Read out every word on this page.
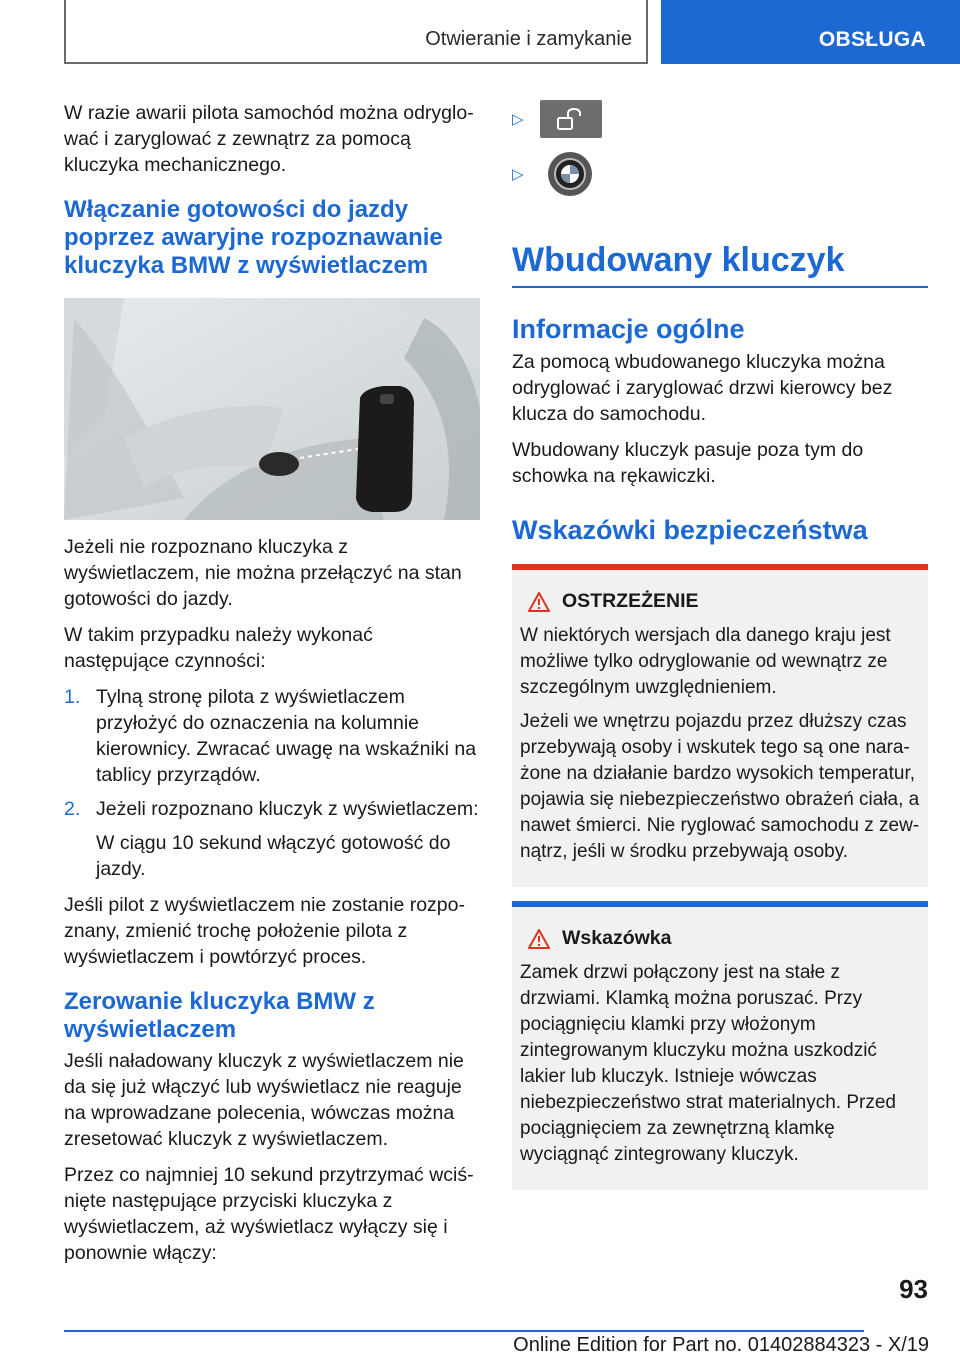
Otwieranie i zamykanie	OBSŁUGA

W razie awarii pilota samochód można odryglować i zaryglować z zewnątrz za pomocą kluczyka mechanicznego.

Włączanie gotowości do jazdy poprzez awaryjne rozpoznawanie kluczyka BMW z wyświetlaczem

Jeżeli nie rozpoznano kluczyka z wyświetlaczem, nie można przełączyć na stan gotowości do jazdy.

W takim przypadku należy wykonać następujące czynności:

1. Tylną stronę pilota z wyświetlaczem przyłożyć do oznaczenia na kolumnie kierownicy. Zwracać uwagę na wskaźniki na tablicy przyrządów.

2. Jeżeli rozpoznano kluczyk z wyświetlaczem:

W ciągu 10 sekund włączyć gotowość do jazdy.

Jeśli pilot z wyświetlaczem nie zostanie rozpoznany, zmienić trochę położenie pilota z wyświetlaczem i powtórzyć proces.

Zerowanie kluczyka BMW z wyświetlaczem

Jeśli naładowany kluczyk z wyświetlaczem nie da się już włączyć lub wyświetlacz nie reaguje na wprowadzane polecenia, wówczas można zresetować kluczyk z wyświetlaczem.

Przez co najmniej 10 sekund przytrzymać wciśnięte następujące przyciski kluczyka z wyświetlaczem, aż wyświetlacz wyłączy się i ponownie włączy:

▷
▷
Wbudowany kluczyk
Informacje ogólne

Za pomocą wbudowanego kluczyka można odryglować i zaryglować drzwi kierowcy bez klucza do samochodu.

Wbudowany kluczyk pasuje poza tym do schowka na rękawiczki.

Wskazówki bezpieczeństwa
OSTRZEŻENIE

W niektórych wersjach dla danego kraju jest możliwe tylko odryglowanie od wewnątrz ze szczególnym uwzględnieniem.

Jeżeli we wnętrzu pojazdu przez dłuższy czas przebywają osoby i wskutek tego są one narażone na działanie bardzo wysokich temperatur, pojawia się niebezpieczeństwo obrażeń ciała, a nawet śmierci. Nie ryglować samochodu z zewnątrz, jeśli w środku przebywają osoby.

Wskazówka

Zamek drzwi połączony jest na stałe z drzwiami. Klamką można poruszać. Przy pociągnięciu klamki przy włożonym zintegrowanym kluczyku można uszkodzić lakier lub kluczyk. Istnieje wówczas niebezpieczeństwo strat materialnych. Przed pociągnięciem za zewnętrzną klamkę wyciągnąć zintegrowany kluczyk.

93
Online Edition for Part no. 01402884323 - X/19
